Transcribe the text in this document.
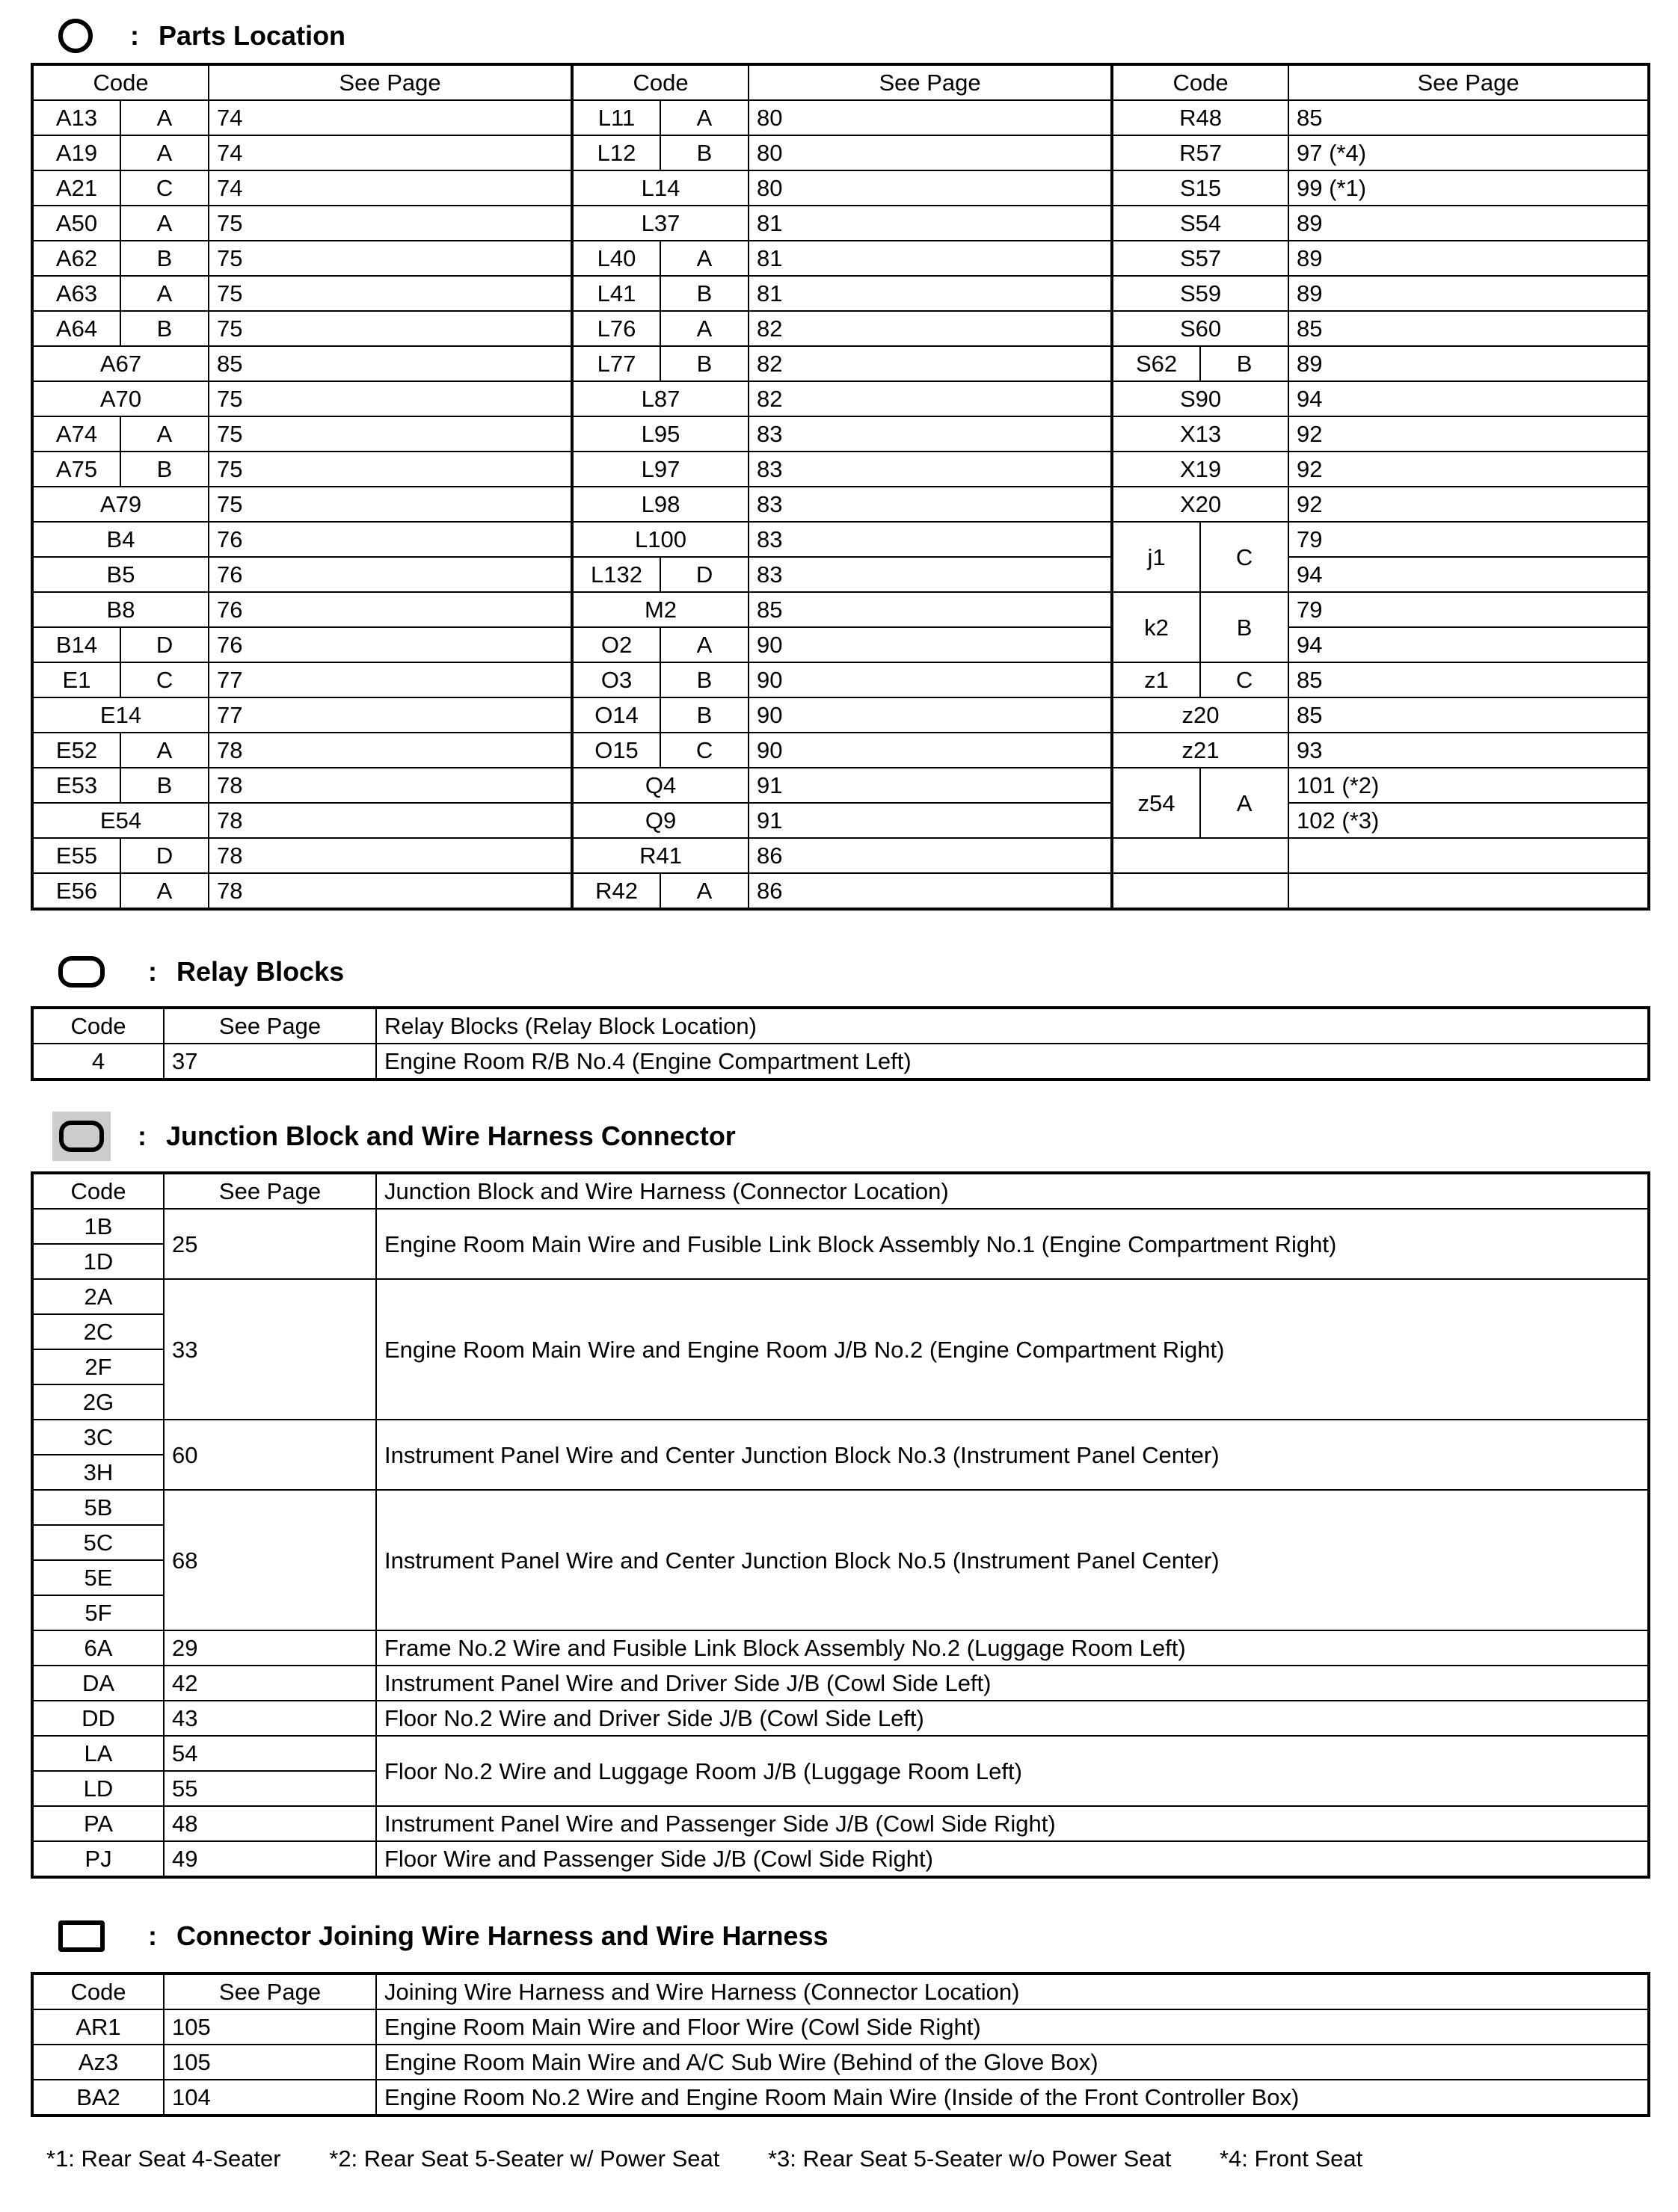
: Parts Location
Code		See Page	Code		See Page	Code		See Page
A13	A	74	L11	A	80	R48		85
A19	A	74	L12	B	80	R57		97 (*4)
A21	C	74	L14		80	S15		99 (*1)
A50	A	75	L37		81	S54		89
A62	B	75	L40	A	81	S57		89
A63	A	75	L41	B	81	S59		89
A64	B	75	L76	A	82	S60		85
A67		85	L77	B	82	S62	B	89
A70		75	L87		82	S90		94
A74	A	75	L95		83	X13		92
A75	B	75	L97		83	X19		92
A79		75	L98		83	X20		92
B4		76	L100		83	j1	C	79
B5		76	L132	D	83			94
B8		76	M2		85	k2	B	79
B14	D	76	O2	A	90			94
E1	C	77	O3	B	90	z1	C	85
E14		77	O14	B	90	z20		85
E52	A	78	O15	C	90	z21		93
E53	B	78	Q4		91	z54	A	101 (*2)
E54		78	Q9		91			102 (*3)
E55	D	78	R41		86			
E56	A	78	R42	A	86			
: Relay Blocks
Code	See Page	Relay Blocks (Relay Block Location)
4	37	Engine Room R/B No.4 (Engine Compartment Left)
: Junction Block and Wire Harness Connector
Code	See Page	Junction Block and Wire Harness (Connector Location)
1B	25	Engine Room Main Wire and Fusible Link Block Assembly No.1 (Engine Compartment Right)
1D		
2A	33	Engine Room Main Wire and Engine Room J/B No.2 (Engine Compartment Right)
2C		
2F		
2G		
3C	60	Instrument Panel Wire and Center Junction Block No.3 (Instrument Panel Center)
3H		
5B	68	Instrument Panel Wire and Center Junction Block No.5 (Instrument Panel Center)
5C		
5E		
5F		
6A	29	Frame No.2 Wire and Fusible Link Block Assembly No.2 (Luggage Room Left)
DA	42	Instrument Panel Wire and Driver Side J/B (Cowl Side Left)
DD	43	Floor No.2 Wire and Driver Side J/B (Cowl Side Left)
LA	54	Floor No.2 Wire and Luggage Room J/B (Luggage Room Left)
LD	55	
PA	48	Instrument Panel Wire and Passenger Side J/B (Cowl Side Right)
PJ	49	Floor Wire and Passenger Side J/B (Cowl Side Right)
: Connector Joining Wire Harness and Wire Harness
Code	See Page	Joining Wire Harness and Wire Harness (Connector Location)
AR1	105	Engine Room Main Wire and Floor Wire (Cowl Side Right)
Az3	105	Engine Room Main Wire and A/C Sub Wire (Behind of the Glove Box)
BA2	104	Engine Room No.2 Wire and Engine Room Main Wire (Inside of the Front Controller Box)
*1: Rear Seat 4-Seater *2: Rear Seat 5-Seater w/ Power Seat *3: Rear Seat 5-Seater w/o Power Seat *4: Front Seat
